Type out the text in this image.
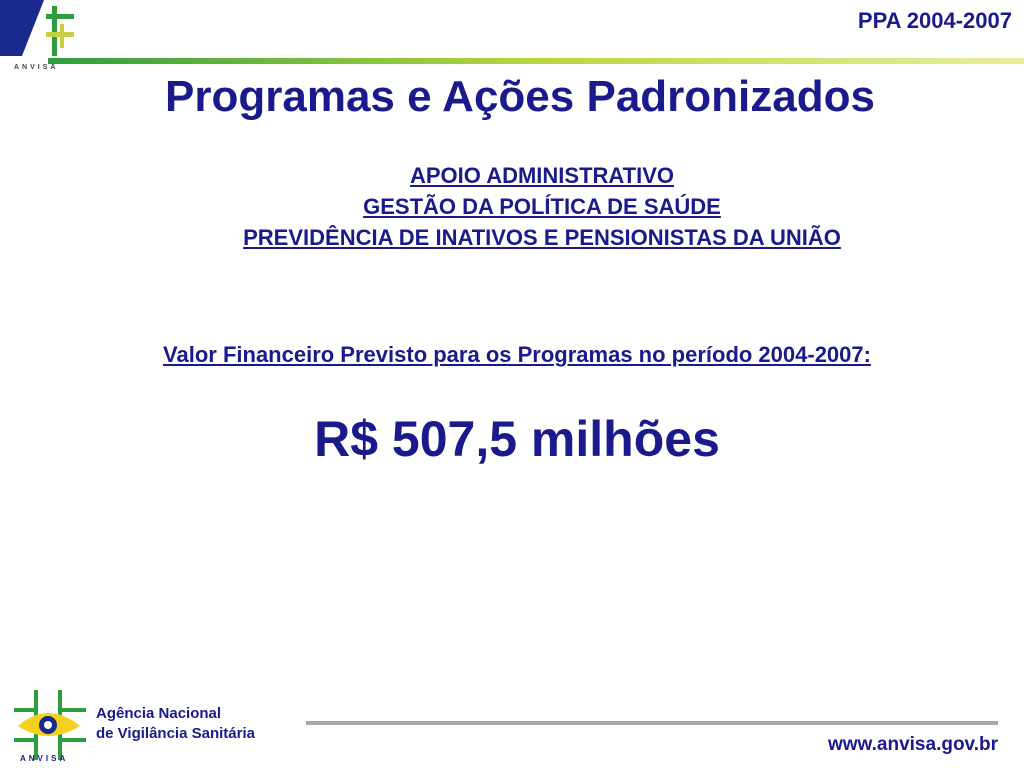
ANVISA
PPA 2004-2007
Programas e Ações Padronizados
APOIO ADMINISTRATIVO
GESTÃO DA POLÍTICA DE SAÚDE
PREVIDÊNCIA DE INATIVOS E PENSIONISTAS DA UNIÃO
Valor Financeiro Previsto para os Programas no período 2004-2007:
R$ 507,5 milhões
ANVISA
Agência Nacional
de Vigilância Sanitária
www.anvisa.gov.br
